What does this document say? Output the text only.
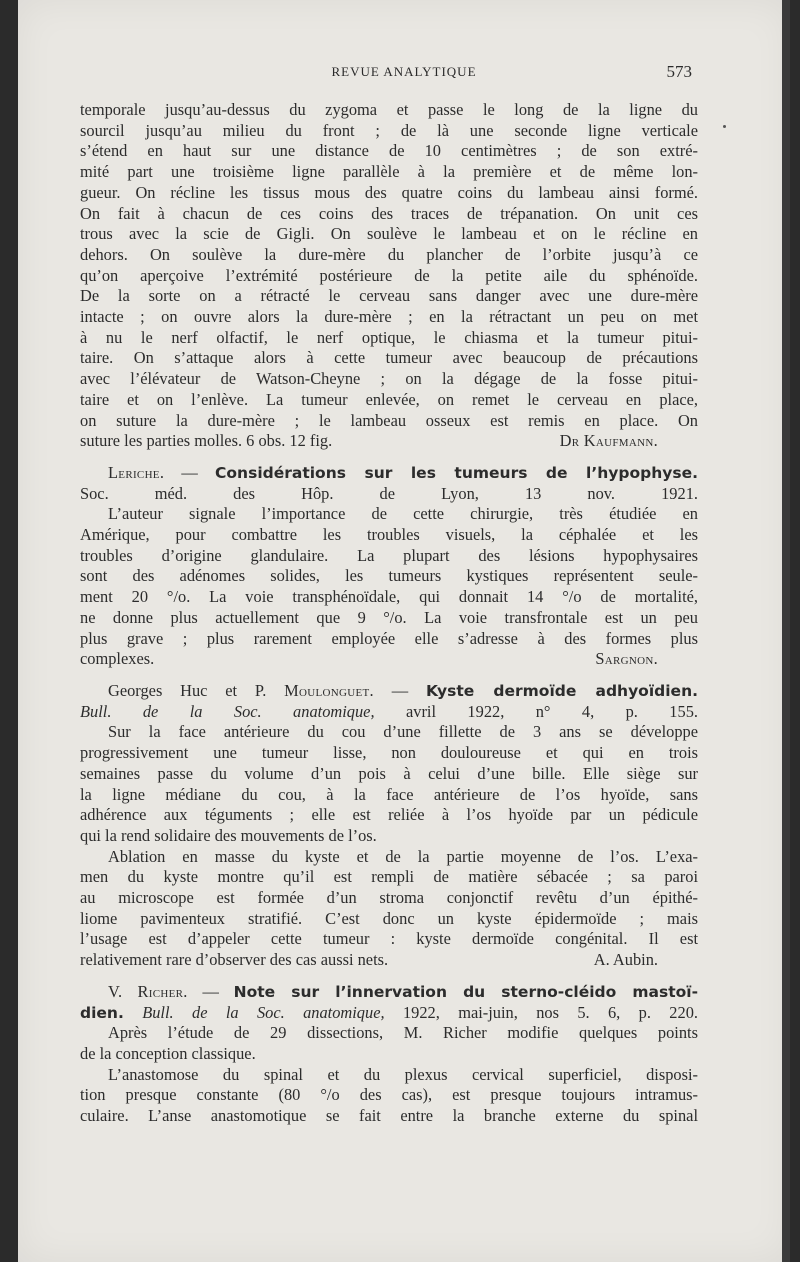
REVUE ANALYTIQUE	573

temporale jusqu’au-dessus du zygoma et passe le long de la ligne du

sourcil jusqu’au milieu du front ; de là une seconde ligne verticale

s’étend en haut sur une distance de 10 centimètres ; de son extré-

mité part une troisième ligne parallèle à la première et de même lon-

gueur. On récline les tissus mous des quatre coins du lambeau ainsi formé.

On fait à chacun de ces coins des traces de trépanation. On unit ces

trous avec la scie de Gigli. On soulève le lambeau et on le récline en

dehors. On soulève la dure-mère du plancher de l’orbite jusqu’à ce

qu’on aperçoive l’extrémité postérieure de la petite aile du sphénoïde.

De la sorte on a rétracté le cerveau sans danger avec une dure-mère

intacte ; on ouvre alors la dure-mère ; en la rétractant un peu on met

à nu le nerf olfactif, le nerf optique, le chiasma et la tumeur pitui-

taire. On s’attaque alors à cette tumeur avec beaucoup de précautions

avec l’élévateur de Watson-Cheyne ; on la dégage de la fosse pitui-

taire et on l’enlève. La tumeur enlevée, on remet le cerveau en place,

on suture la dure-mère ; le lambeau osseux est remis en place. On

suture les parties molles. 6 obs. 12 fig.	Dr Kaufmann.

Leriche. — Considérations sur les tumeurs de l’hypophyse.

Soc. méd. des Hôp. de Lyon, 13 nov. 1921.

L’auteur signale l’importance de cette chirurgie, très étudiée en

Amérique, pour combattre les troubles visuels, la céphalée et les

troubles d’origine glandulaire. La plupart des lésions hypophysaires

sont des adénomes solides, les tumeurs kystiques représentent seule-

ment 20 °/o. La voie transphénoïdale, qui donnait 14 °/o de mortalité,

ne donne plus actuellement que 9 °/o. La voie transfrontale est un peu

plus grave ; plus rarement employée elle s’adresse à des formes plus

complexes.	Sargnon.

Georges Huc et P. Moulonguet. — Kyste dermoïde adhyoïdien.

Bull. de la Soc. anatomique, avril 1922, n° 4, p. 155.

Sur la face antérieure du cou d’une fillette de 3 ans se développe

progressivement une tumeur lisse, non douloureuse et qui en trois

semaines passe du volume d’un pois à celui d’une bille. Elle siège sur

la ligne médiane du cou, à la face antérieure de l’os hyoïde, sans

adhérence aux téguments ; elle est reliée à l’os hyoïde par un pédicule

qui la rend solidaire des mouvements de l’os.

Ablation en masse du kyste et de la partie moyenne de l’os. L’exa-

men du kyste montre qu’il est rempli de matière sébacée ; sa paroi

au microscope est formée d’un stroma conjonctif revêtu d’un épithé-

liome pavimenteux stratifié. C’est donc un kyste épidermoïde ; mais

l’usage est d’appeler cette tumeur : kyste dermoïde congénital. Il est

relativement rare d’observer des cas aussi nets.	A. Aubin.

V. Richer. — Note sur l’innervation du sterno-cléido mastoï-

dien. Bull. de la Soc. anatomique, 1922, mai-juin, nos 5. 6, p. 220.

Après l’étude de 29 dissections, M. Richer modifie quelques points

de la conception classique.

L’anastomose du spinal et du plexus cervical superficiel, disposi-

tion presque constante (80 °/o des cas), est presque toujours intramus-

culaire. L’anse anastomotique se fait entre la branche externe du spinal
